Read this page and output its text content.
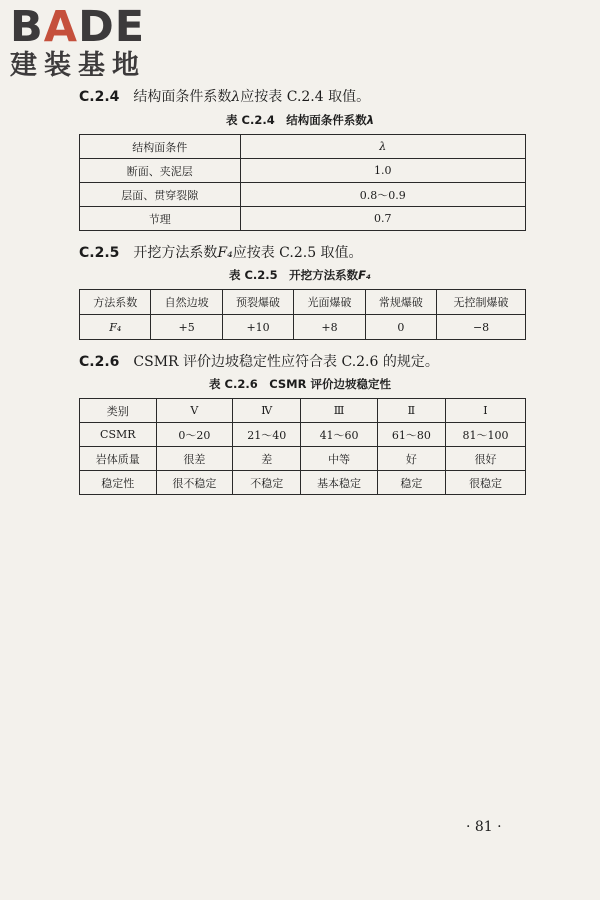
BADE
建装基地
C.2.4 结构面条件系数λ应按表 C.2.4 取值。
表 C.2.4　 结构面条件系数λ
结构面条件	λ
断面、夹泥层	1.0
层面、贯穿裂隙	0.8～0.9
节理	0.7
C.2.5 开挖方法系数F₄应按表 C.2.5 取值。
表 C.2.5　 开挖方法系数F₄
方法系数	自然边坡	预裂爆破	光面爆破	常规爆破	无控制爆破
F₄	+5	+10	+8	0	−8
C.2.6 CSMR 评价边坡稳定性应符合表 C.2.6 的规定。
表 C.2.6　CSMR 评价边坡稳定性
类别	Ⅴ	Ⅳ	Ⅲ	Ⅱ	Ⅰ
CSMR	0～20	21～40	41～60	61～80	81～100
岩体质量	很差	差	中等	好	很好
稳定性	很不稳定	不稳定	基本稳定	稳定	很稳定
· 81 ·
